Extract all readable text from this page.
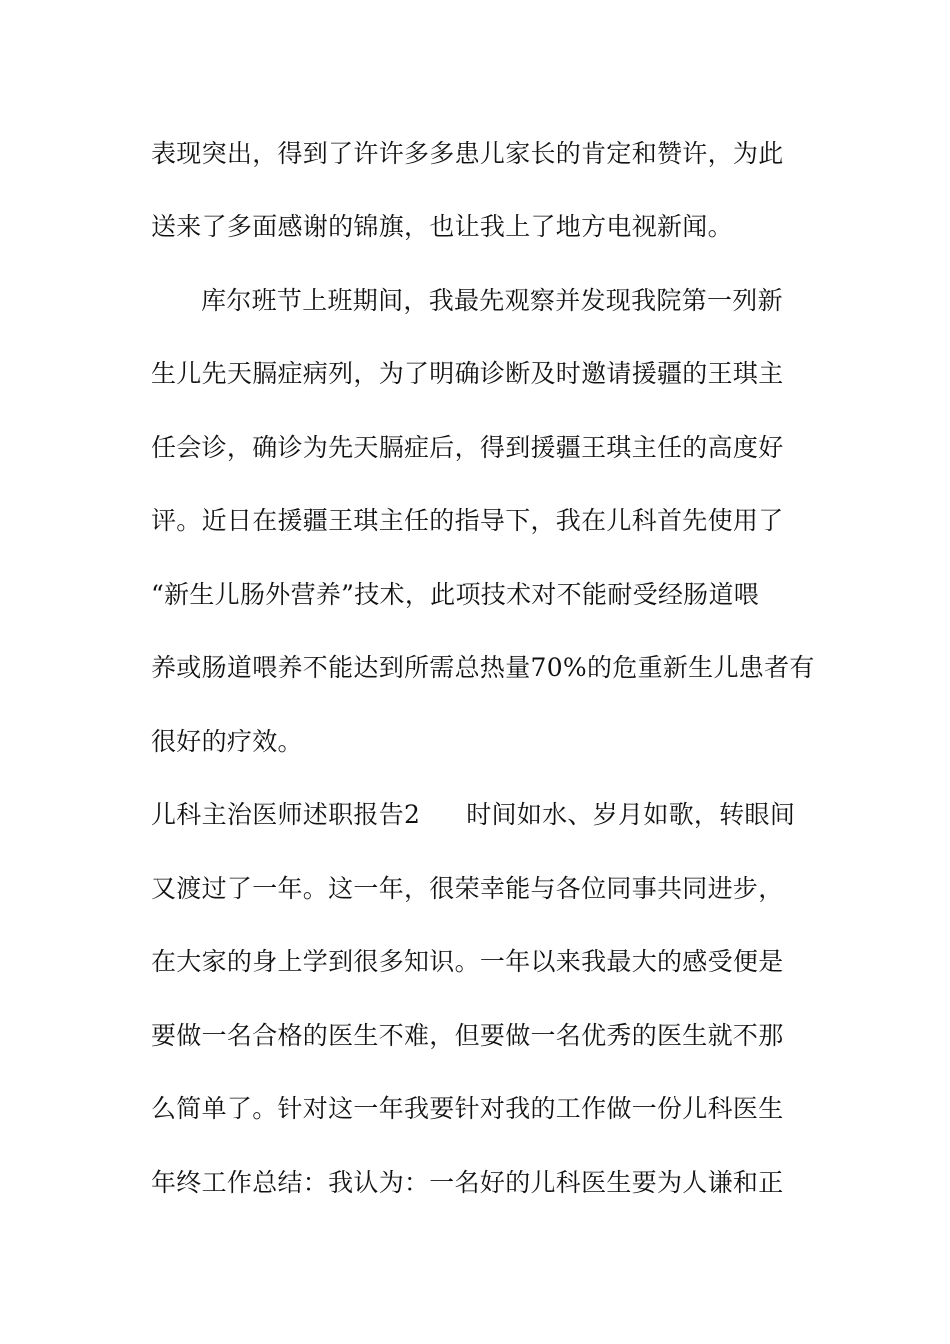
表现突出，得到了许许多多患儿家长的肯定和赞许，为此
送来了多面感谢的锦旗，也让我上了地方电视新闻。
库尔班节上班期间，我最先观察并发现我院第一列新
生儿先天膈症病列，为了明确诊断及时邀请援疆的王琪主
任会诊，确诊为先天膈症后，得到援疆王琪主任的高度好
评。近日在援疆王琪主任的指导下，我在儿科首先使用了
“新生儿肠外营养”技术，此项技术对不能耐受经肠道喂
养或肠道喂养不能达到所需总热量70%的危重新生儿患者有
很好的疗效。
儿科主治医师述职报告2 时间如水、岁月如歌，转眼间
又渡过了一年。这一年，很荣幸能与各位同事共同进步，
在大家的身上学到很多知识。一年以来我最大的感受便是
要做一名合格的医生不难，但要做一名优秀的医生就不那
么简单了。针对这一年我要针对我的工作做一份儿科医生
年终工作总结：我认为：一名好的儿科医生要为人谦和正
